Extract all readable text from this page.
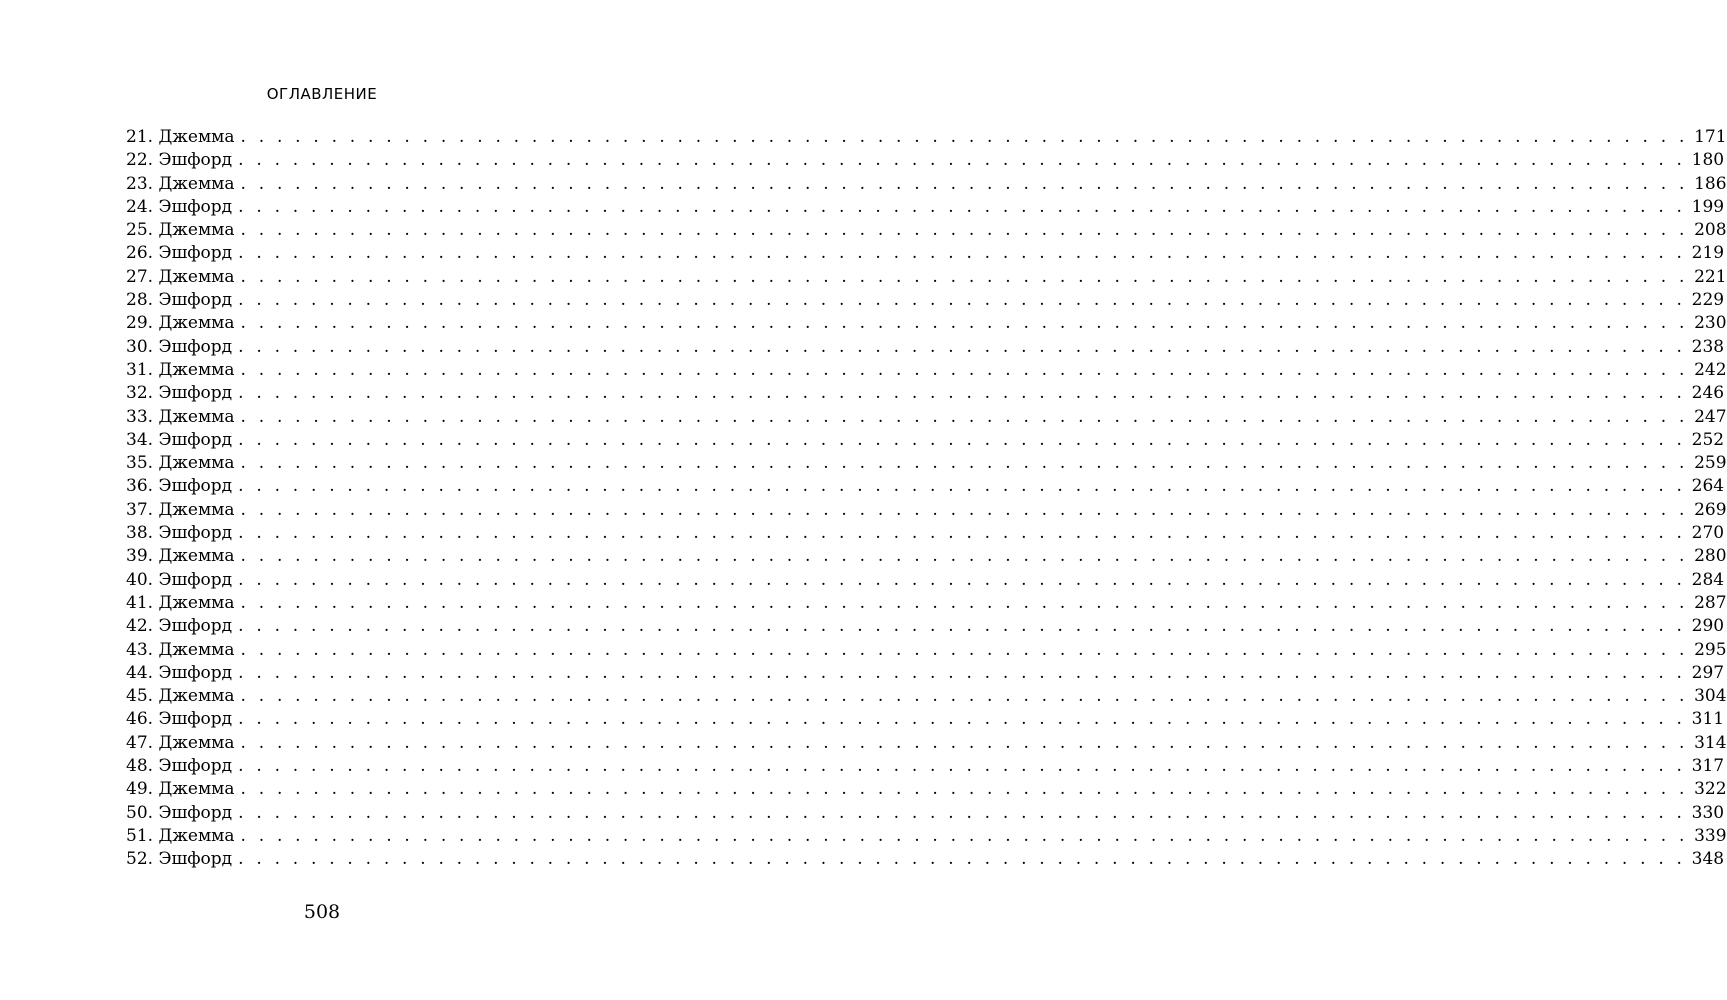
ОГЛАВЛЕНИЕ
21. Джемма . . . . . . . . . . . . . . . . . . . . . . . . . . . . . . . . . . . . . . . . . . . . . . . . . . . . . . . . . . . . . . . . . . . . . . . . . . . . . . . . 171
22. Эшфорд . . . . . . . . . . . . . . . . . . . . . . . . . . . . . . . . . . . . . . . . . . . . . . . . . . . . . . . . . . . . . . . . . . . . . . . . . . . . . . . . 180
23. Джемма . . . . . . . . . . . . . . . . . . . . . . . . . . . . . . . . . . . . . . . . . . . . . . . . . . . . . . . . . . . . . . . . . . . . . . . . . . . . . . . . 186
24. Эшфорд . . . . . . . . . . . . . . . . . . . . . . . . . . . . . . . . . . . . . . . . . . . . . . . . . . . . . . . . . . . . . . . . . . . . . . . . . . . . . . . . 199
25. Джемма . . . . . . . . . . . . . . . . . . . . . . . . . . . . . . . . . . . . . . . . . . . . . . . . . . . . . . . . . . . . . . . . . . . . . . . . . . . . . . . . 208
26. Эшфорд . . . . . . . . . . . . . . . . . . . . . . . . . . . . . . . . . . . . . . . . . . . . . . . . . . . . . . . . . . . . . . . . . . . . . . . . . . . . . . . . 219
27. Джемма . . . . . . . . . . . . . . . . . . . . . . . . . . . . . . . . . . . . . . . . . . . . . . . . . . . . . . . . . . . . . . . . . . . . . . . . . . . . . . . . 221
28. Эшфорд . . . . . . . . . . . . . . . . . . . . . . . . . . . . . . . . . . . . . . . . . . . . . . . . . . . . . . . . . . . . . . . . . . . . . . . . . . . . . . . . 229
29. Джемма . . . . . . . . . . . . . . . . . . . . . . . . . . . . . . . . . . . . . . . . . . . . . . . . . . . . . . . . . . . . . . . . . . . . . . . . . . . . . . . . 230
30. Эшфорд . . . . . . . . . . . . . . . . . . . . . . . . . . . . . . . . . . . . . . . . . . . . . . . . . . . . . . . . . . . . . . . . . . . . . . . . . . . . . . . . 238
31. Джемма . . . . . . . . . . . . . . . . . . . . . . . . . . . . . . . . . . . . . . . . . . . . . . . . . . . . . . . . . . . . . . . . . . . . . . . . . . . . . . . . 242
32. Эшфорд . . . . . . . . . . . . . . . . . . . . . . . . . . . . . . . . . . . . . . . . . . . . . . . . . . . . . . . . . . . . . . . . . . . . . . . . . . . . . . . . 246
33. Джемма . . . . . . . . . . . . . . . . . . . . . . . . . . . . . . . . . . . . . . . . . . . . . . . . . . . . . . . . . . . . . . . . . . . . . . . . . . . . . . . . 247
34. Эшфорд . . . . . . . . . . . . . . . . . . . . . . . . . . . . . . . . . . . . . . . . . . . . . . . . . . . . . . . . . . . . . . . . . . . . . . . . . . . . . . . . 252
35. Джемма . . . . . . . . . . . . . . . . . . . . . . . . . . . . . . . . . . . . . . . . . . . . . . . . . . . . . . . . . . . . . . . . . . . . . . . . . . . . . . . . 259
36. Эшфорд . . . . . . . . . . . . . . . . . . . . . . . . . . . . . . . . . . . . . . . . . . . . . . . . . . . . . . . . . . . . . . . . . . . . . . . . . . . . . . . . 264
37. Джемма . . . . . . . . . . . . . . . . . . . . . . . . . . . . . . . . . . . . . . . . . . . . . . . . . . . . . . . . . . . . . . . . . . . . . . . . . . . . . . . . 269
38. Эшфорд . . . . . . . . . . . . . . . . . . . . . . . . . . . . . . . . . . . . . . . . . . . . . . . . . . . . . . . . . . . . . . . . . . . . . . . . . . . . . . . . 270
39. Джемма . . . . . . . . . . . . . . . . . . . . . . . . . . . . . . . . . . . . . . . . . . . . . . . . . . . . . . . . . . . . . . . . . . . . . . . . . . . . . . . . 280
40. Эшфорд . . . . . . . . . . . . . . . . . . . . . . . . . . . . . . . . . . . . . . . . . . . . . . . . . . . . . . . . . . . . . . . . . . . . . . . . . . . . . . . . 284
41. Джемма . . . . . . . . . . . . . . . . . . . . . . . . . . . . . . . . . . . . . . . . . . . . . . . . . . . . . . . . . . . . . . . . . . . . . . . . . . . . . . . . 287
42. Эшфорд . . . . . . . . . . . . . . . . . . . . . . . . . . . . . . . . . . . . . . . . . . . . . . . . . . . . . . . . . . . . . . . . . . . . . . . . . . . . . . . . 290
43. Джемма . . . . . . . . . . . . . . . . . . . . . . . . . . . . . . . . . . . . . . . . . . . . . . . . . . . . . . . . . . . . . . . . . . . . . . . . . . . . . . . . 295
44. Эшфорд . . . . . . . . . . . . . . . . . . . . . . . . . . . . . . . . . . . . . . . . . . . . . . . . . . . . . . . . . . . . . . . . . . . . . . . . . . . . . . . . 297
45. Джемма . . . . . . . . . . . . . . . . . . . . . . . . . . . . . . . . . . . . . . . . . . . . . . . . . . . . . . . . . . . . . . . . . . . . . . . . . . . . . . . . 304
46. Эшфорд . . . . . . . . . . . . . . . . . . . . . . . . . . . . . . . . . . . . . . . . . . . . . . . . . . . . . . . . . . . . . . . . . . . . . . . . . . . . . . . . 311
47. Джемма . . . . . . . . . . . . . . . . . . . . . . . . . . . . . . . . . . . . . . . . . . . . . . . . . . . . . . . . . . . . . . . . . . . . . . . . . . . . . . . . 314
48. Эшфорд . . . . . . . . . . . . . . . . . . . . . . . . . . . . . . . . . . . . . . . . . . . . . . . . . . . . . . . . . . . . . . . . . . . . . . . . . . . . . . . . 317
49. Джемма . . . . . . . . . . . . . . . . . . . . . . . . . . . . . . . . . . . . . . . . . . . . . . . . . . . . . . . . . . . . . . . . . . . . . . . . . . . . . . . . 322
50. Эшфорд . . . . . . . . . . . . . . . . . . . . . . . . . . . . . . . . . . . . . . . . . . . . . . . . . . . . . . . . . . . . . . . . . . . . . . . . . . . . . . . . 330
51. Джемма . . . . . . . . . . . . . . . . . . . . . . . . . . . . . . . . . . . . . . . . . . . . . . . . . . . . . . . . . . . . . . . . . . . . . . . . . . . . . . . . 339
52. Эшфорд . . . . . . . . . . . . . . . . . . . . . . . . . . . . . . . . . . . . . . . . . . . . . . . . . . . . . . . . . . . . . . . . . . . . . . . . . . . . . . . . 348
508
